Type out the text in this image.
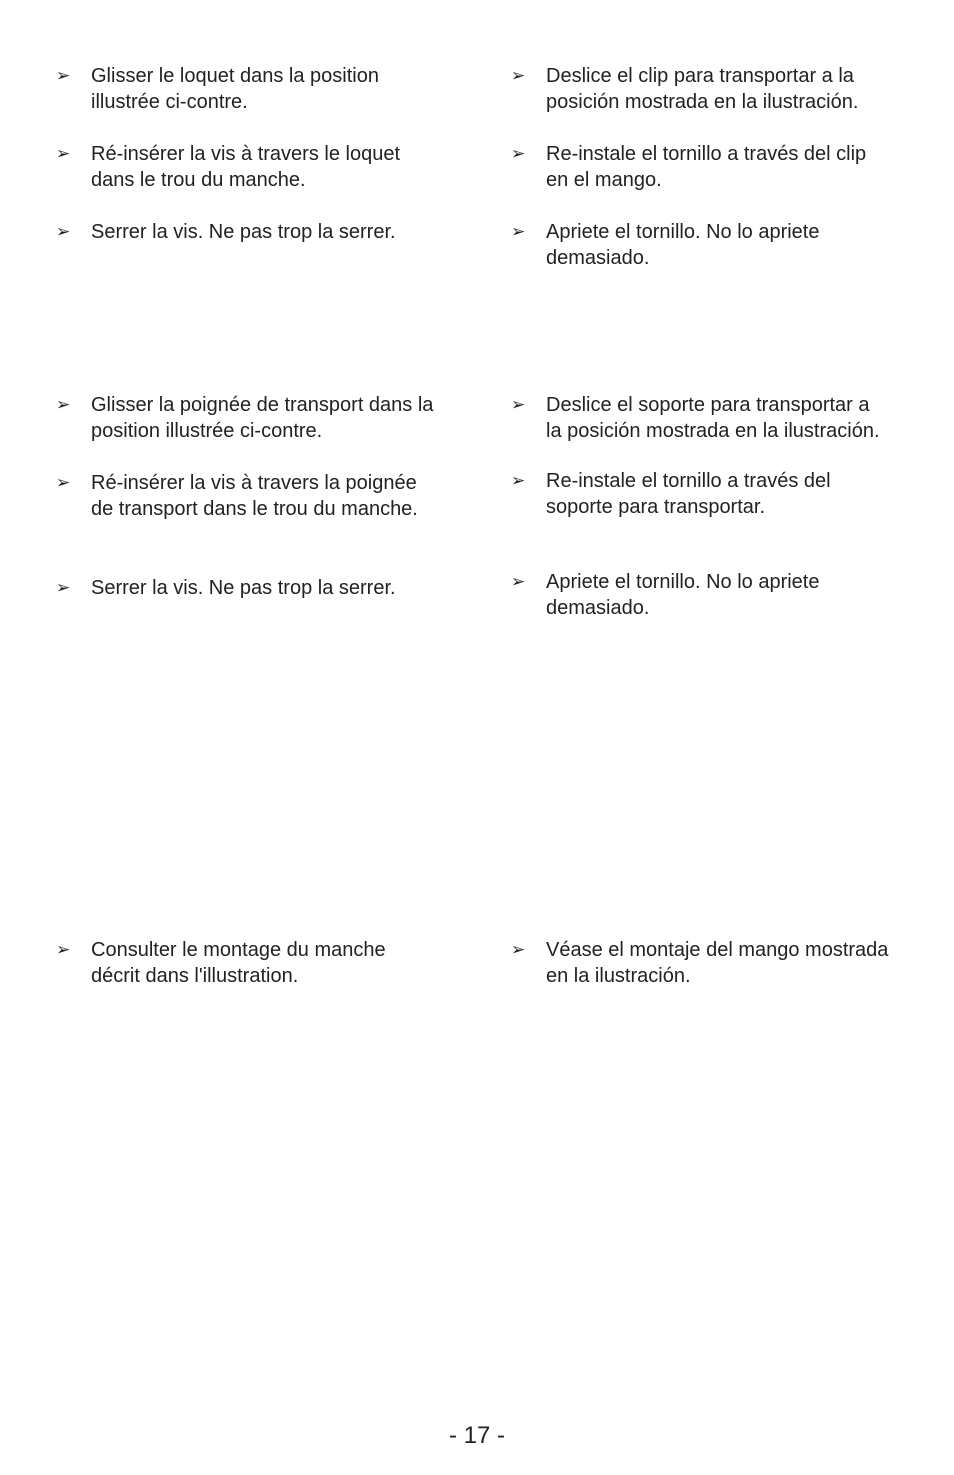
➢ Glisser le loquet dans la position
illustrée ci-contre.
➢ Ré-insérer la vis à travers le loquet
dans le trou du manche.
➢ Serrer la vis. Ne pas trop la serrer.
➢ Deslice el clip para transportar a la
posición mostrada en la ilustración.
➢ Re-instale el tornillo a través del clip
en el mango.
➢ Apriete el tornillo. No lo apriete
demasiado.
➢ Glisser la poignée de transport dans la
position illustrée ci-contre.
➢ Ré-insérer la vis à travers la poignée
de transport dans le trou du manche.
➢ Serrer la vis. Ne pas trop la serrer.
➢ Deslice el soporte para transportar a
la posición mostrada en la ilustración.
➢ Re-instale el tornillo a través del
soporte para transportar.
➢ Apriete el tornillo. No lo apriete
demasiado.
➢ Consulter le montage du manche
décrit dans l'illustration.
➢ Véase el montaje del mango mostrada
en la ilustración.
- 17 -
